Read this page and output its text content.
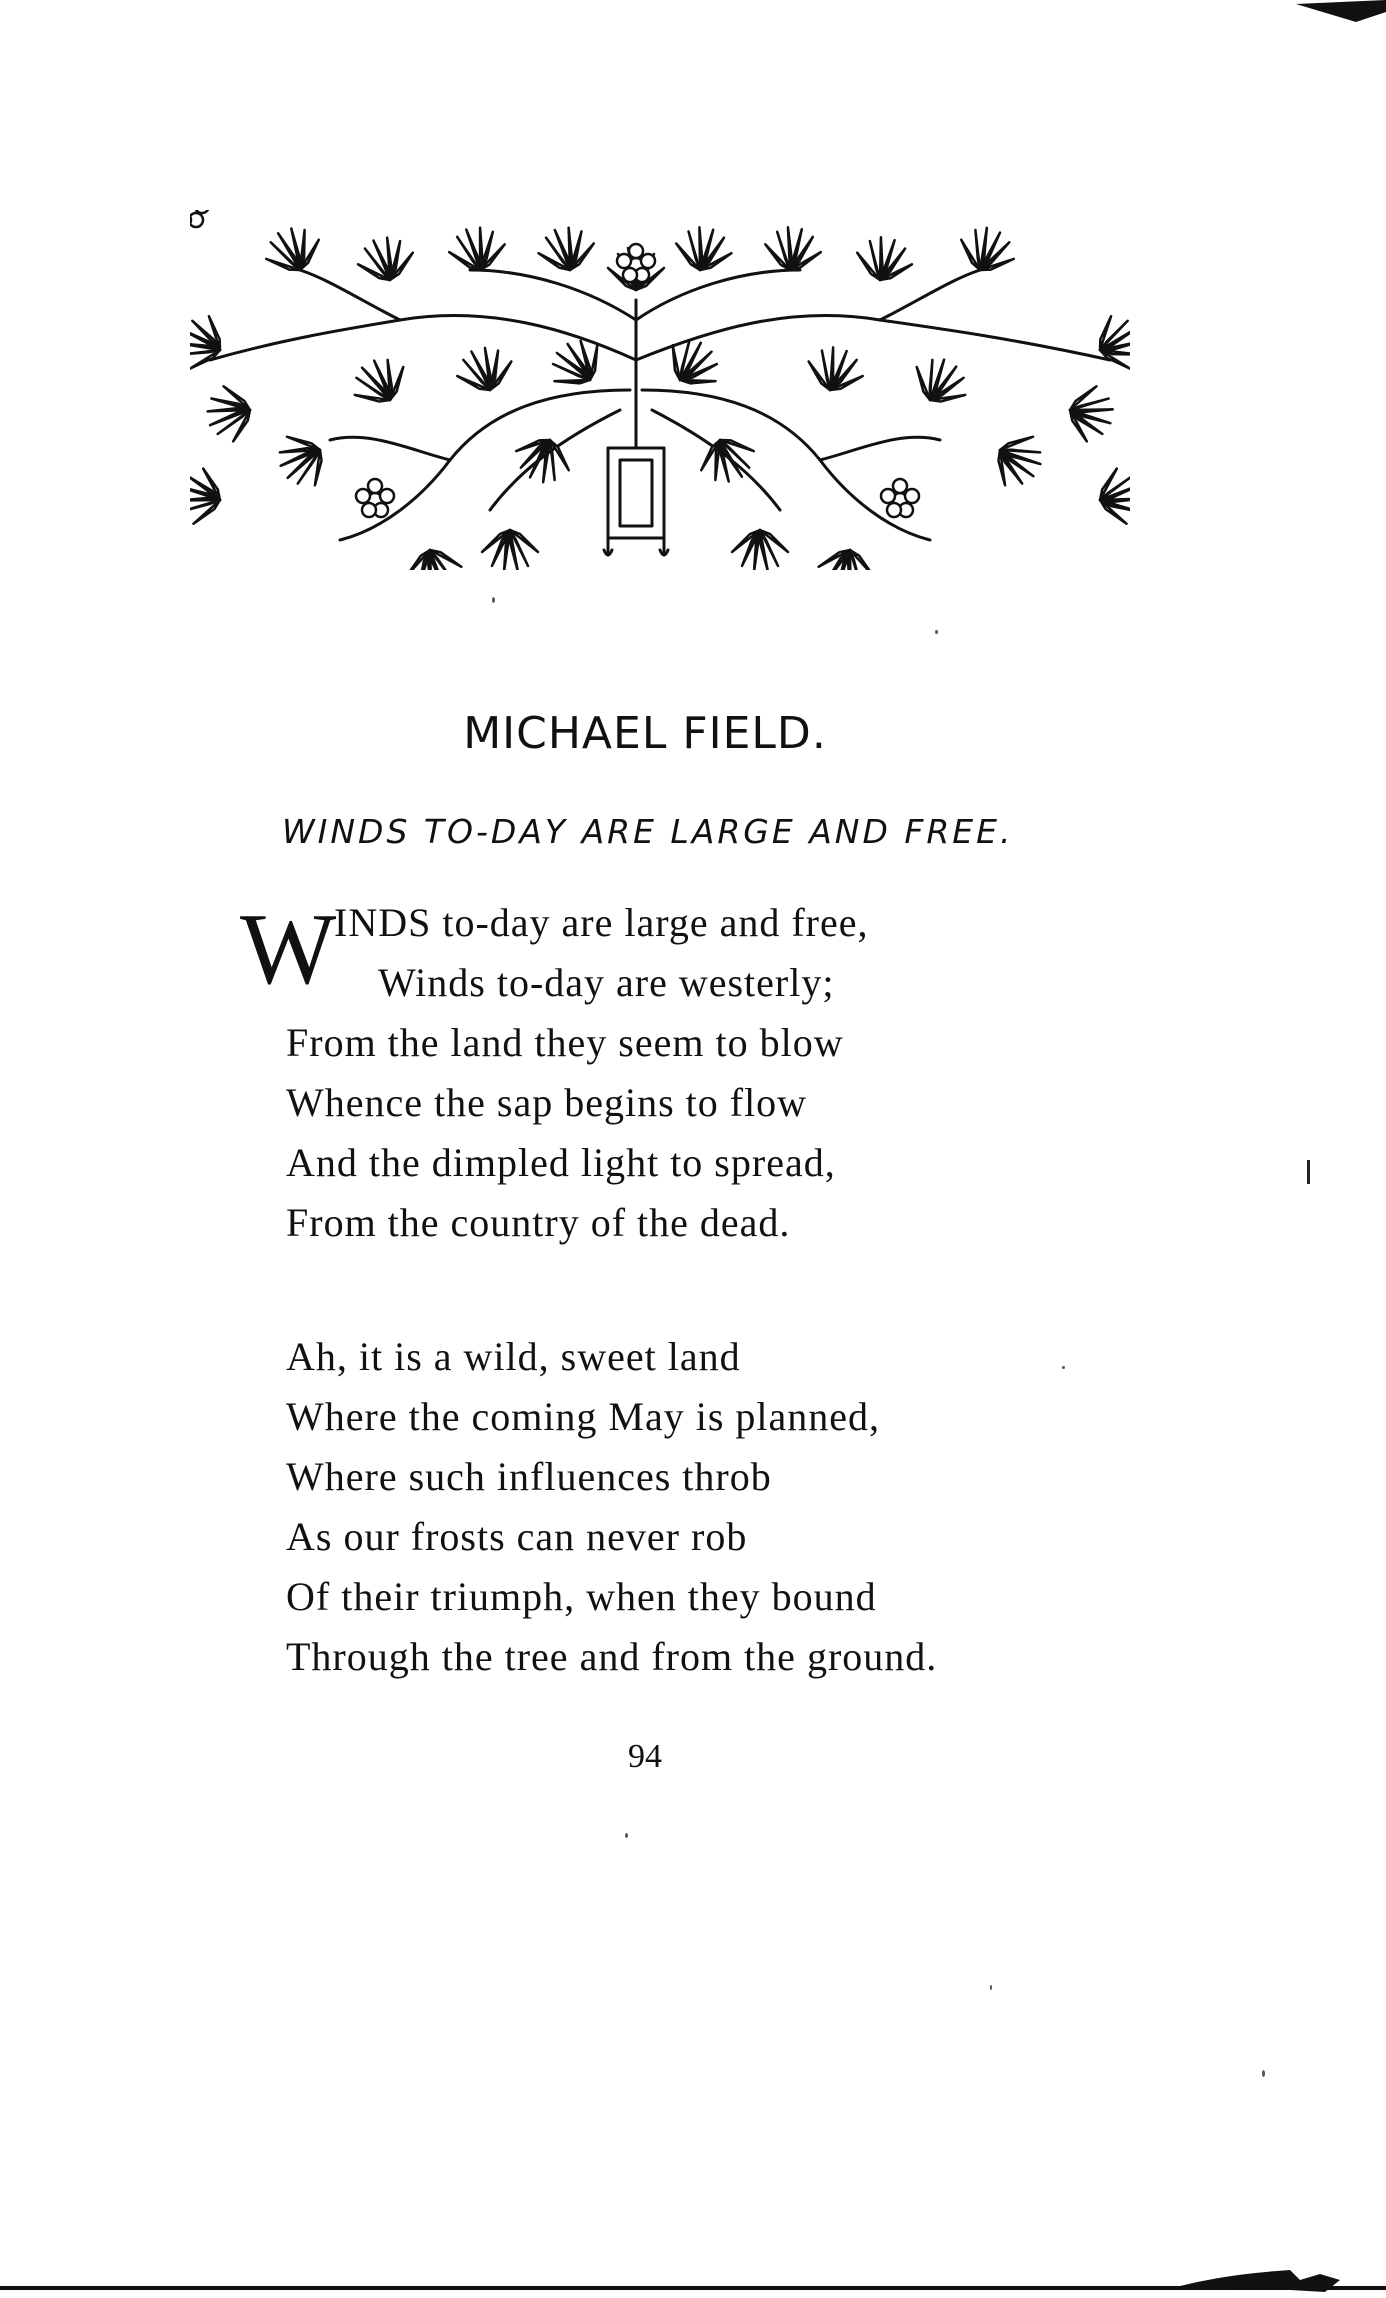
MICHAEL FIELD.
WINDS TO-DAY ARE LARGE AND FREE.
W
INDS to-day are large and free,
Winds to-day are westerly;
From the land they seem to blow
Whence the sap begins to flow
And the dimpled light to spread,
From the country of the dead.
Ah, it is a wild, sweet land
Where the coming May is planned,
Where such influences throb
As our frosts can never rob
Of their triumph, when they bound
Through the tree and from the ground.
94
